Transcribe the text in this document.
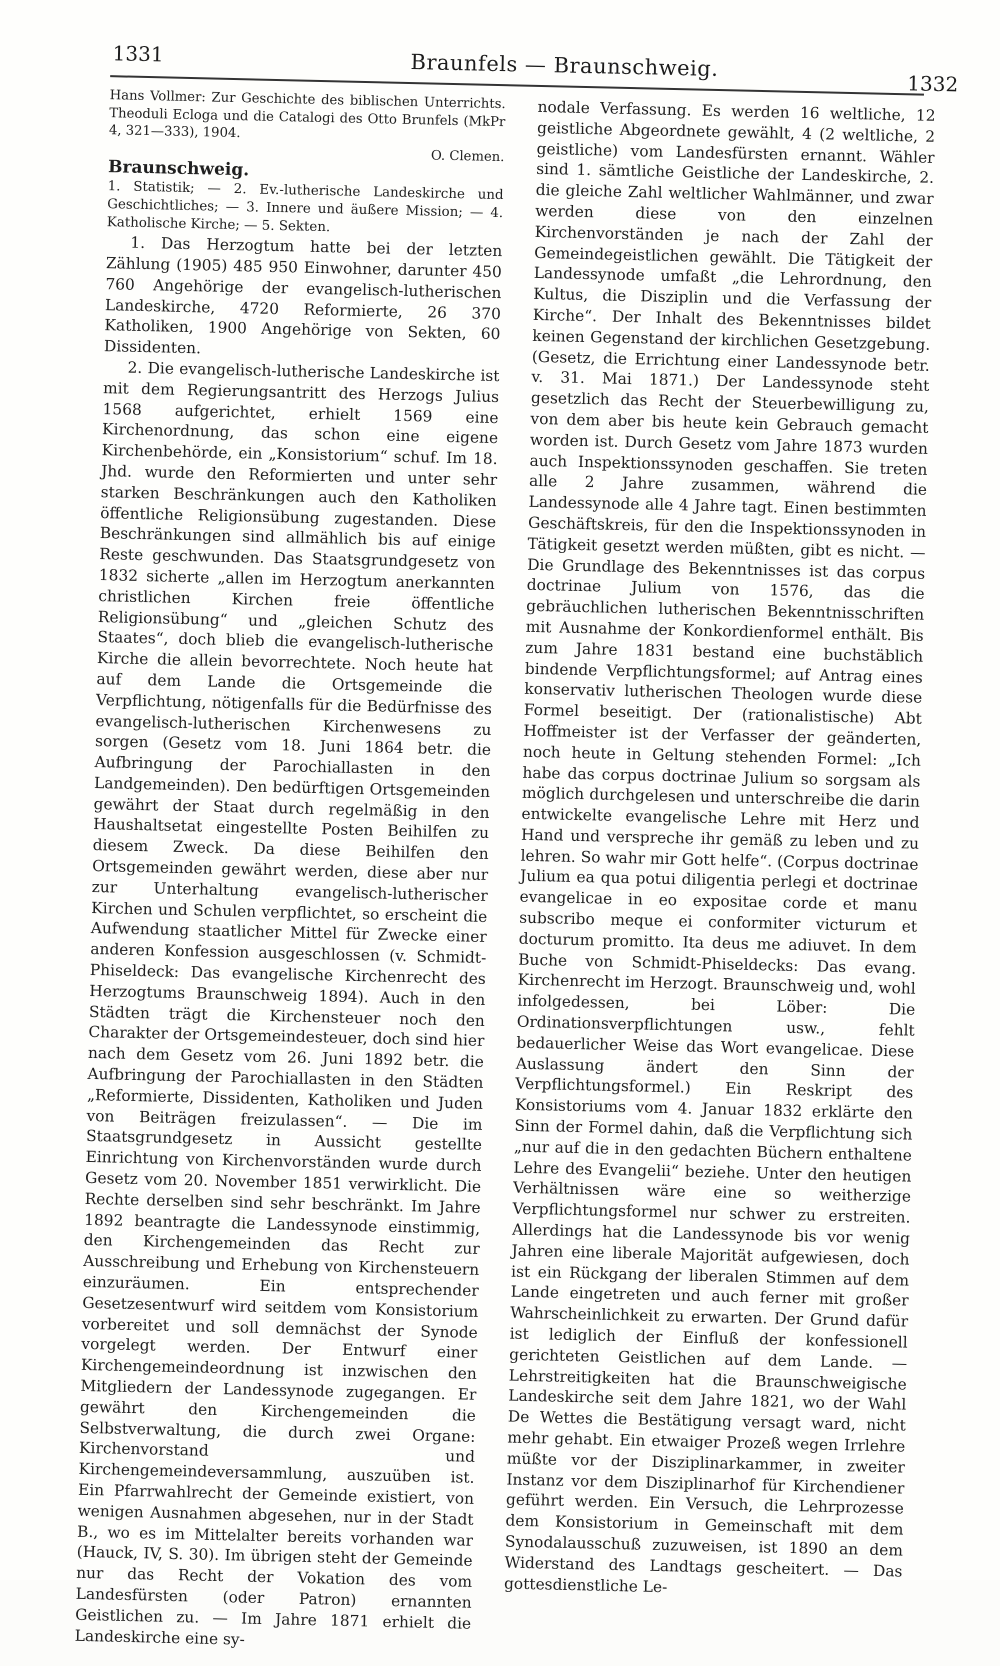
1331	Braunfels — Braunschweig.
1332

Hans Vollmer: Zur Geschichte des biblischen Unterrichts. Theoduli Ecloga und die Catalogi des Otto Brunfels (MkPr 4, 321—333), 1904.

O. Clemen.

Braunschweig.

1. Statistik; — 2. Ev.-lutherische Landeskirche und Geschichtliches; — 3. Innere und äußere Mission; — 4. Katholische Kirche; — 5. Sekten.

1. Das Herzogtum hatte bei der letzten Zählung (1905) 485 950 Einwohner, darunter 450 760 Angehörige der evangelisch-lutherischen Landeskirche, 4720 Reformierte, 26 370 Katholiken, 1900 Angehörige von Sekten, 60 Dissidenten.

2. Die evangelisch-lutherische Landeskirche ist mit dem Regierungsantritt des Herzogs Julius 1568 aufgerichtet, erhielt 1569 eine Kirchenordnung, das schon eine eigene Kirchenbehörde, ein „Konsistorium“ schuf. Im 18. Jhd. wurde den Reformierten und unter sehr starken Beschränkungen auch den Katholiken öffentliche Religionsübung zugestanden. Diese Beschränkungen sind allmählich bis auf einige Reste geschwunden. Das Staatsgrundgesetz von 1832 sicherte „allen im Herzogtum anerkannten christlichen Kirchen freie öffentliche Religionsübung“ und „gleichen Schutz des Staates“, doch blieb die evangelisch-lutherische Kirche die allein bevorrechtete. Noch heute hat auf dem Lande die Ortsgemeinde die Verpflichtung, nötigenfalls für die Bedürfnisse des evangelisch-lutherischen Kirchenwesens zu sorgen (Gesetz vom 18. Juni 1864 betr. die Aufbringung der Parochiallasten in den Landgemeinden). Den bedürftigen Ortsgemeinden gewährt der Staat durch regelmäßig in den Haushaltsetat eingestellte Posten Beihilfen zu diesem Zweck. Da diese Beihilfen den Ortsgemeinden gewährt werden, diese aber nur zur Unterhaltung evangelisch-lutherischer Kirchen und Schulen verpflichtet, so erscheint die Aufwendung staatlicher Mittel für Zwecke einer anderen Konfession ausgeschlossen (v. Schmidt-Phiseldeck: Das evangelische Kirchenrecht des Herzogtums Braunschweig 1894). Auch in den Städten trägt die Kirchensteuer noch den Charakter der Ortsgemeindesteuer, doch sind hier nach dem Gesetz vom 26. Juni 1892 betr. die Aufbringung der Parochiallasten in den Städten „Reformierte, Dissidenten, Katholiken und Juden von Beiträgen freizulassen“. — Die im Staatsgrundgesetz in Aussicht gestellte Einrichtung von Kirchenvorständen wurde durch Gesetz vom 20. November 1851 verwirklicht. Die Rechte derselben sind sehr beschränkt. Im Jahre 1892 beantragte die Landessynode einstimmig, den Kirchengemeinden das Recht zur Ausschreibung und Erhebung von Kirchensteuern einzuräumen. Ein entsprechender Gesetzesentwurf wird seitdem vom Konsistorium vorbereitet und soll demnächst der Synode vorgelegt werden. Der Entwurf einer Kirchengemeindeordnung ist inzwischen den Mitgliedern der Landessynode zugegangen. Er gewährt den Kirchengemeinden die Selbstverwaltung, die durch zwei Organe: Kirchenvorstand und Kirchengemeindeversammlung, auszuüben ist. Ein Pfarrwahlrecht der Gemeinde existiert, von wenigen Ausnahmen abgesehen, nur in der Stadt B., wo es im Mittelalter bereits vorhanden war (Hauck, IV, S. 30). Im übrigen steht der Gemeinde nur das Recht der Vokation des vom Landesfürsten (oder Patron) ernannten Geistlichen zu. — Im Jahre 1871 erhielt die Landeskirche eine sy-

nodale Verfassung. Es werden 16 weltliche, 12 geistliche Abgeordnete gewählt, 4 (2 weltliche, 2 geistliche) vom Landesfürsten ernannt. Wähler sind 1. sämtliche Geistliche der Landeskirche, 2. die gleiche Zahl weltlicher Wahlmänner, und zwar werden diese von den einzelnen Kirchenvorständen je nach der Zahl der Gemeindegeistlichen gewählt. Die Tätigkeit der Landessynode umfaßt „die Lehrordnung, den Kultus, die Disziplin und die Verfassung der Kirche“. Der Inhalt des Bekenntnisses bildet keinen Gegenstand der kirchlichen Gesetzgebung. (Gesetz, die Errichtung einer Landessynode betr. v. 31. Mai 1871.) Der Landessynode steht gesetzlich das Recht der Steuerbewilligung zu, von dem aber bis heute kein Gebrauch gemacht worden ist. Durch Gesetz vom Jahre 1873 wurden auch Inspektionssynoden geschaffen. Sie treten alle 2 Jahre zusammen, während die Landessynode alle 4 Jahre tagt. Einen bestimmten Geschäftskreis, für den die Inspektionssynoden in Tätigkeit gesetzt werden müßten, gibt es nicht. — Die Grundlage des Bekenntnisses ist das corpus doctrinae Julium von 1576, das die gebräuchlichen lutherischen Bekenntnisschriften mit Ausnahme der Konkordienformel enthält. Bis zum Jahre 1831 bestand eine buchstäblich bindende Verpflichtungsformel; auf Antrag eines konservativ lutherischen Theologen wurde diese Formel beseitigt. Der (rationalistische) Abt Hoffmeister ist der Verfasser der geänderten, noch heute in Geltung stehenden Formel: „Ich habe das corpus doctrinae Julium so sorgsam als möglich durchgelesen und unterschreibe die darin entwickelte evangelische Lehre mit Herz und Hand und verspreche ihr gemäß zu leben und zu lehren. So wahr mir Gott helfe“. (Corpus doctrinae Julium ea qua potui diligentia perlegi et doctrinae evangelicae in eo expositae corde et manu subscribo meque ei conformiter victurum et docturum promitto. Ita deus me adiuvet. In dem Buche von Schmidt-Phiseldecks: Das evang. Kirchenrecht im Herzogt. Braunschweig und, wohl infolgedessen, bei Löber: Die Ordinationsverpflichtungen usw., fehlt bedauerlicher Weise das Wort evangelicae. Diese Auslassung ändert den Sinn der Verpflichtungsformel.) Ein Reskript des Konsistoriums vom 4. Januar 1832 erklärte den Sinn der Formel dahin, daß die Verpflichtung sich „nur auf die in den gedachten Büchern enthaltene Lehre des Evangelii“ beziehe. Unter den heutigen Verhältnissen wäre eine so weitherzige Verpflichtungsformel nur schwer zu erstreiten. Allerdings hat die Landessynode bis vor wenig Jahren eine liberale Majorität aufgewiesen, doch ist ein Rückgang der liberalen Stimmen auf dem Lande eingetreten und auch ferner mit großer Wahrscheinlichkeit zu erwarten. Der Grund dafür ist lediglich der Einfluß der konfessionell gerichteten Geistlichen auf dem Lande. — Lehrstreitigkeiten hat die Braunschweigische Landeskirche seit dem Jahre 1821, wo der Wahl De Wettes die Bestätigung versagt ward, nicht mehr gehabt. Ein etwaiger Prozeß wegen Irrlehre müßte vor der Disziplinarkammer, in zweiter Instanz vor dem Disziplinarhof für Kirchendiener geführt werden. Ein Versuch, die Lehrprozesse dem Konsistorium in Gemeinschaft mit dem Synodalausschuß zuzuweisen, ist 1890 an dem Widerstand des Landtags gescheitert. — Das gottesdienstliche Le-
